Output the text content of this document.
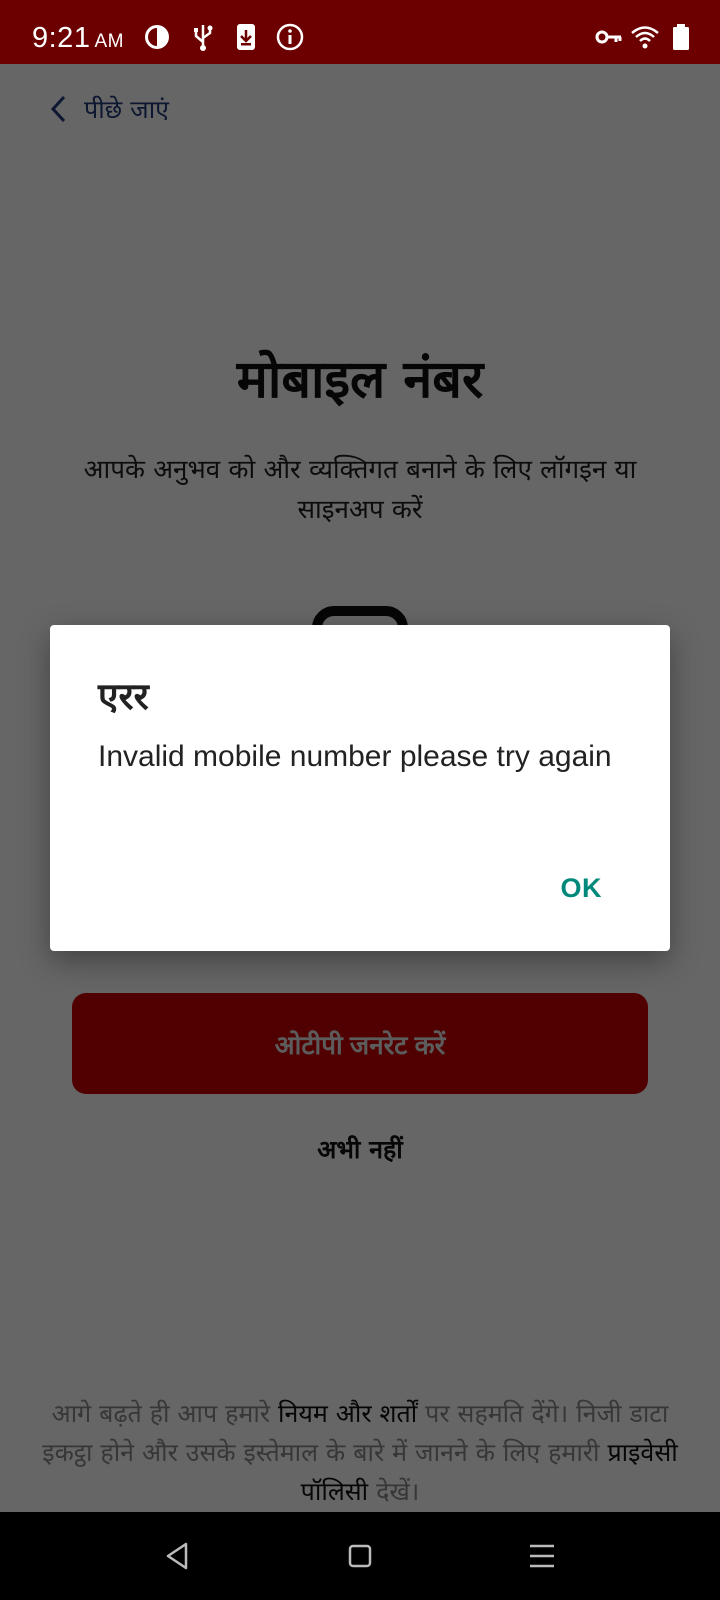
9:21 AM
एरर
Invalid mobile number please try again
OK
